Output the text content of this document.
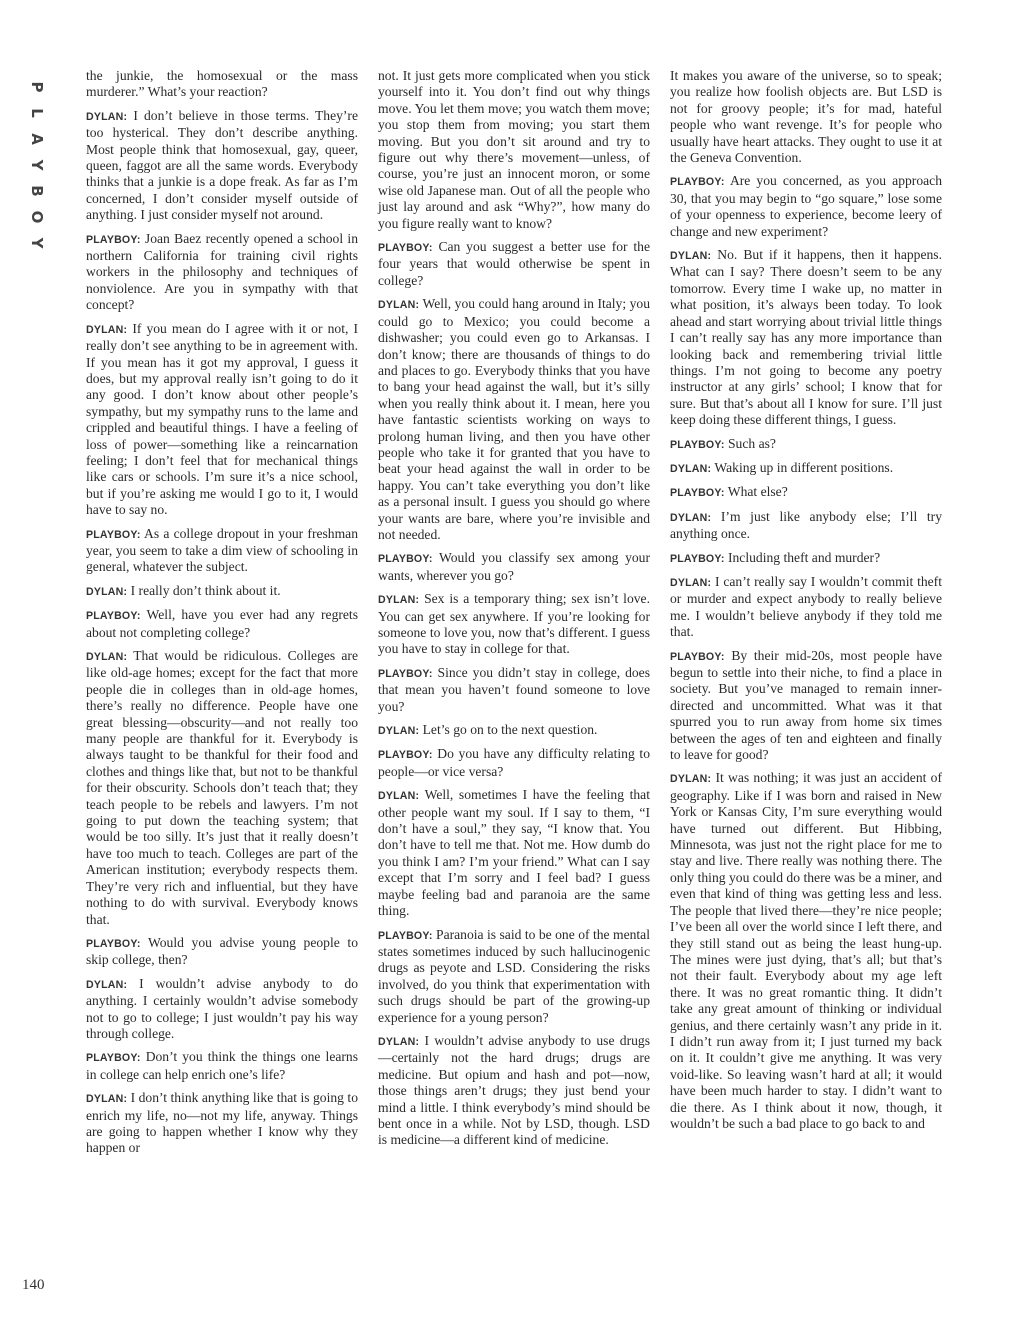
P
L
A
Y
B
O
Y
140

the junkie, the homosexual or the mass murderer.” What’s your reaction?

DYLAN: I don’t believe in those terms. They’re too hysterical. They don’t describe anything. Most people think that homosexual, gay, queer, queen, faggot are all the same words. Everybody thinks that a junkie is a dope freak. As far as I’m concerned, I don’t consider myself outside of anything. I just consider myself not around.

PLAYBOY: Joan Baez recently opened a school in northern California for training civil rights workers in the philosophy and techniques of nonviolence. Are you in sympathy with that concept?

DYLAN: If you mean do I agree with it or not, I really don’t see anything to be in agreement with. If you mean has it got my approval, I guess it does, but my approval really isn’t going to do it any good. I don’t know about other people’s sympathy, but my sympathy runs to the lame and crippled and beautiful things. I have a feeling of loss of power—something like a reincarnation feeling; I don’t feel that for mechanical things like cars or schools. I’m sure it’s a nice school, but if you’re asking me would I go to it, I would have to say no.

PLAYBOY: As a college dropout in your freshman year, you seem to take a dim view of schooling in general, whatever the subject.

DYLAN: I really don’t think about it.

PLAYBOY: Well, have you ever had any regrets about not completing college?

DYLAN: That would be ridiculous. Colleges are like old-age homes; except for the fact that more people die in colleges than in old-age homes, there’s really no difference. People have one great blessing—obscurity—and not really too many people are thankful for it. Everybody is always taught to be thankful for their food and clothes and things like that, but not to be thankful for their obscurity. Schools don’t teach that; they teach people to be rebels and lawyers. I’m not going to put down the teaching system; that would be too silly. It’s just that it really doesn’t have too much to teach. Colleges are part of the American institution; everybody respects them. They’re very rich and influential, but they have nothing to do with survival. Everybody knows that.

PLAYBOY: Would you advise young people to skip college, then?

DYLAN: I wouldn’t advise anybody to do anything. I certainly wouldn’t advise somebody not to go to college; I just wouldn’t pay his way through college.

PLAYBOY: Don’t you think the things one learns in college can help enrich one’s life?

DYLAN: I don’t think anything like that is going to enrich my life, no—not my life, anyway. Things are going to happen whether I know why they happen or

not. It just gets more complicated when you stick yourself into it. You don’t find out why things move. You let them move; you watch them move; you stop them from moving; you start them moving. But you don’t sit around and try to figure out why there’s movement—unless, of course, you’re just an innocent moron, or some wise old Japanese man. Out of all the people who just lay around and ask “Why?”, how many do you figure really want to know?

PLAYBOY: Can you suggest a better use for the four years that would otherwise be spent in college?

DYLAN: Well, you could hang around in Italy; you could go to Mexico; you could become a dishwasher; you could even go to Arkansas. I don’t know; there are thousands of things to do and places to go. Everybody thinks that you have to bang your head against the wall, but it’s silly when you really think about it. I mean, here you have fantastic scientists working on ways to prolong human living, and then you have other people who take it for granted that you have to beat your head against the wall in order to be happy. You can’t take everything you don’t like as a personal insult. I guess you should go where your wants are bare, where you’re invisible and not needed.

PLAYBOY: Would you classify sex among your wants, wherever you go?

DYLAN: Sex is a temporary thing; sex isn’t love. You can get sex anywhere. If you’re looking for someone to love you, now that’s different. I guess you have to stay in college for that.

PLAYBOY: Since you didn’t stay in college, does that mean you haven’t found someone to love you?

DYLAN: Let’s go on to the next question.

PLAYBOY: Do you have any difficulty relating to people—or vice versa?

DYLAN: Well, sometimes I have the feeling that other people want my soul. If I say to them, “I don’t have a soul,” they say, “I know that. You don’t have to tell me that. Not me. How dumb do you think I am? I’m your friend.” What can I say except that I’m sorry and I feel bad? I guess maybe feeling bad and paranoia are the same thing.

PLAYBOY: Paranoia is said to be one of the mental states sometimes induced by such hallucinogenic drugs as peyote and LSD. Considering the risks involved, do you think that experimentation with such drugs should be part of the growing-up experience for a young person?

DYLAN: I wouldn’t advise anybody to use drugs—certainly not the hard drugs; drugs are medicine. But opium and hash and pot—now, those things aren’t drugs; they just bend your mind a little. I think everybody’s mind should be bent once in a while. Not by LSD, though. LSD is medicine—a different kind of medicine.

It makes you aware of the universe, so to speak; you realize how foolish objects are. But LSD is not for groovy people; it’s for mad, hateful people who want revenge. It’s for people who usually have heart attacks. They ought to use it at the Geneva Convention.

PLAYBOY: Are you concerned, as you approach 30, that you may begin to “go square,” lose some of your openness to experience, become leery of change and new experiment?

DYLAN: No. But if it happens, then it happens. What can I say? There doesn’t seem to be any tomorrow. Every time I wake up, no matter in what position, it’s always been today. To look ahead and start worrying about trivial little things I can’t really say has any more importance than looking back and remembering trivial little things. I’m not going to become any poetry instructor at any girls’ school; I know that for sure. But that’s about all I know for sure. I’ll just keep doing these different things, I guess.

PLAYBOY: Such as?

DYLAN: Waking up in different positions.

PLAYBOY: What else?

DYLAN: I’m just like anybody else; I’ll try anything once.

PLAYBOY: Including theft and murder?

DYLAN: I can’t really say I wouldn’t commit theft or murder and expect anybody to really believe me. I wouldn’t believe anybody if they told me that.

PLAYBOY: By their mid-20s, most people have begun to settle into their niche, to find a place in society. But you’ve managed to remain inner-directed and uncommitted. What was it that spurred you to run away from home six times between the ages of ten and eighteen and finally to leave for good?

DYLAN: It was nothing; it was just an accident of geography. Like if I was born and raised in New York or Kansas City, I’m sure everything would have turned out different. But Hibbing, Minnesota, was just not the right place for me to stay and live. There really was nothing there. The only thing you could do there was be a miner, and even that kind of thing was getting less and less. The people that lived there—they’re nice people; I’ve been all over the world since I left there, and they still stand out as being the least hung-up. The mines were just dying, that’s all; but that’s not their fault. Everybody about my age left there. It was no great romantic thing. It didn’t take any great amount of thinking or individual genius, and there certainly wasn’t any pride in it. I didn’t run away from it; I just turned my back on it. It couldn’t give me anything. It was very void-like. So leaving wasn’t hard at all; it would have been much harder to stay. I didn’t want to die there. As I think about it now, though, it wouldn’t be such a bad place to go back to and
